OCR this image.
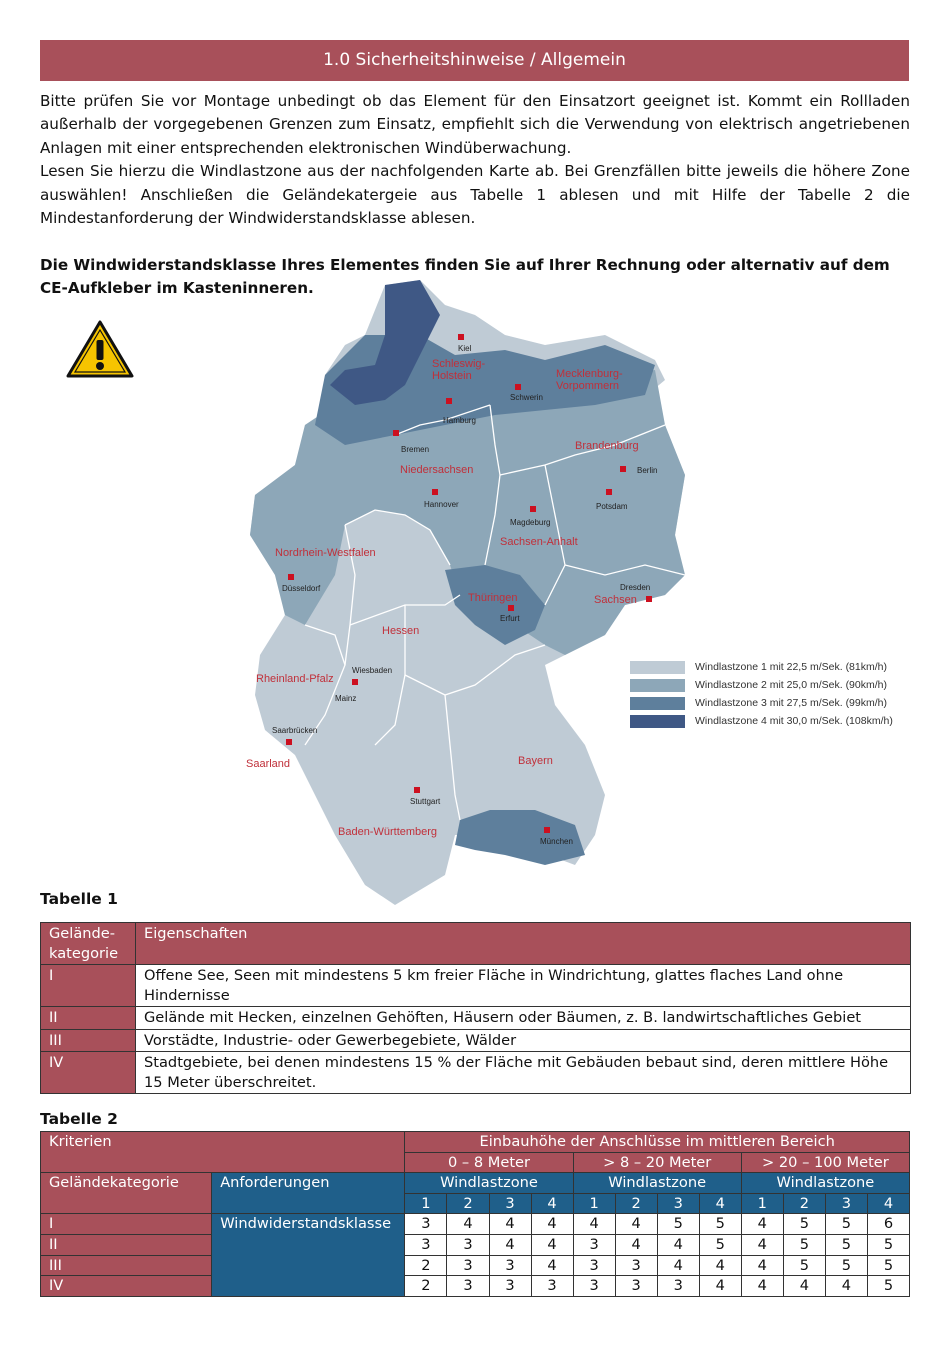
1.0 Sicherheitshinweise / Allgemein

Bitte prüfen Sie vor Montage unbedingt ob das Element für den Einsatzort geeignet ist. Kommt ein Rollladen außerhalb der vorgegebenen Grenzen zum Einsatz, empfiehlt sich die Verwendung von elektrisch angetriebenen Anlagen mit einer entsprechenden elektronischen Windüberwachung.

Lesen Sie hierzu die Windlastzone aus der nachfolgenden Karte ab. Bei Grenzfällen bitte jeweils die höhere Zone auswählen! Anschließen die Geländekatergeie aus Tabelle 1 ablesen und mit Hilfe der Tabelle 2 die Mindestanforderung der Windwiderstandsklasse ablesen.

Die Windwiderstandsklasse Ihres Elementes finden Sie auf Ihrer Rechnung oder alternativ auf dem CE-Aufkleber im Kasteninneren.
Schleswig-Holstein	Mecklenburg-Vorpommern
Niedersachsen
Brandenburg
Sachsen-Anhalt
Nordrhein-Westfalen
Thüringen	Sachsen
Hessen
Rheinland-Pfalz
Saarland	Bayern
Baden-Württemberg
Kiel
Schwerin
Hamburg
Bremen
Berlin
Potsdam
Hannover
Magdeburg
Düsseldorf	Dresden
Erfurt
Wiesbaden
Mainz
Saarbrücken
Stuttgart
München
Windlastzone 1 mit 22,5 m/Sek. (81km/h)
Windlastzone 2 mit 25,0 m/Sek. (90km/h)
Windlastzone 3 mit 27,5 m/Sek. (99km/h)
Windlastzone 4 mit 30,0 m/Sek. (108km/h)
Tabelle 1
Gelände-kategorie	Eigenschaften
I	Offene See, Seen mit mindestens 5 km freier Fläche in Windrichtung, glattes flaches Land ohne Hindernisse
II	Gelände mit Hecken, einzelnen Gehöften, Häusern oder Bäumen, z. B. landwirtschaftliches Gebiet
III	Vorstädte, Industrie- oder Gewerbegebiete, Wälder
IV	Stadtgebiete, bei denen mindestens 15 % der Fläche mit Gebäuden bebaut sind, deren mittlere Höhe 15 Meter überschreitet.
Tabelle 2
Kriterien		Einbauhöhe der Anschlüsse im mittleren Bereich											
		0 – 8 Meter				> 8 – 20 Meter				> 20 – 100 Meter			
Geländekategorie	Anforderungen	Windlastzone				Windlastzone				Windlastzone			
		1	2	3	4	1	2	3	4	1	2	3	4
I	Windwiderstandsklasse	3	4	4	4	4	4	5	5	4	5	5	6
II		3	3	4	4	3	4	4	5	4	5	5	5
III		2	3	3	4	3	3	4	4	4	5	5	5
IV		2	3	3	3	3	3	3	4	4	4	4	5
